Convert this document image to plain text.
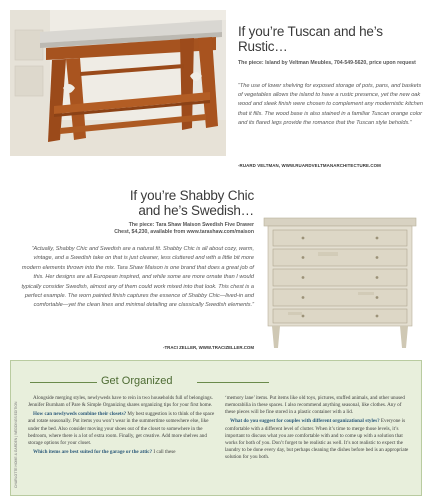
If you’re Tuscan and he’s Rustic…
The piece: Island by Veltman Meubles, 704-549-5620, price upon request
“The use of lower shelving for exposed storage of pots, pans, and baskets of vegetables allows the island to have a rustic presence, yet the new oak wood and sleek finish were chosen to complement any modernistic kitchen that it fills. The wood base is also stained in a familiar Tuscan orange color and its flared legs provide the romance that the Tuscan style beholds.”
-RUARD VELTMAN, WWW.RUARDVELTMANARCHITECTURE.COM
If you’re Shabby Chic and he’s Swedish…
The piece: Tara Shaw Maison Swedish Five Drawer Chest, $4,230, available from www.tarashaw.com/maison
“Actually, Shabby Chic and Swedish are a natural fit. Shabby Chic is all about cozy, warm, vintage, and a Swedish take on that is just cleaner, less cluttered and with a little bit more modern elements thrown into the mix. Tara Shaw Maison is one brand that does a great job of this. Her designs are all European inspired, and while some are more ornate than I would typically consider Swedish, almost any of them could work mixed into that look. This chest is a perfect example. The worn painted finish captures the essence of Shabby Chic—lived-in and comfortable—yet the clean lines and minimal detailing are classically Swedish elements.”
-TRACI ZELLER, WWW.TRACIZELLER.COM
Get Organized
CHARLOTTE HOME & GARDEN | WEDDINGS EDITION

Alongside merging styles, newlyweds have to rein in two households full of belongings. Jennifer Burnham of Pare & Simple Organizing shares organizing tips for your first home.

How can newlyweds combine their closets? My best suggestion is to think of the space and rotate seasonally. Put items you won’t wear in the summertime somewhere else, like under the bed. Also consider moving your shoes out of the closet to somewhere in the bedroom, where there is a lot of extra room. Finally, get creative. Add more shelves and storage options for your closet.

Which items are best suited for the garage or the attic? I call these

‘memory lane’ items. Put items like old toys, pictures, stuffed animals, and other unused memorabilia in these spaces. I also recommend anything seasonal, like clothes. Any of these pieces will be fine stored in a plastic container with a lid.

What do you suggest for couples with different organizational styles? Everyone is comfortable with a different level of clutter. When it’s time to merge those levels, it’s important to discuss what you are comfortable with and to come up with a solution that works for both of you. Don’t forget to be realistic as well. It’s not realistic to expect the laundry to be done every day, but perhaps cleaning the dishes before bed is an appropriate solution for you both.
